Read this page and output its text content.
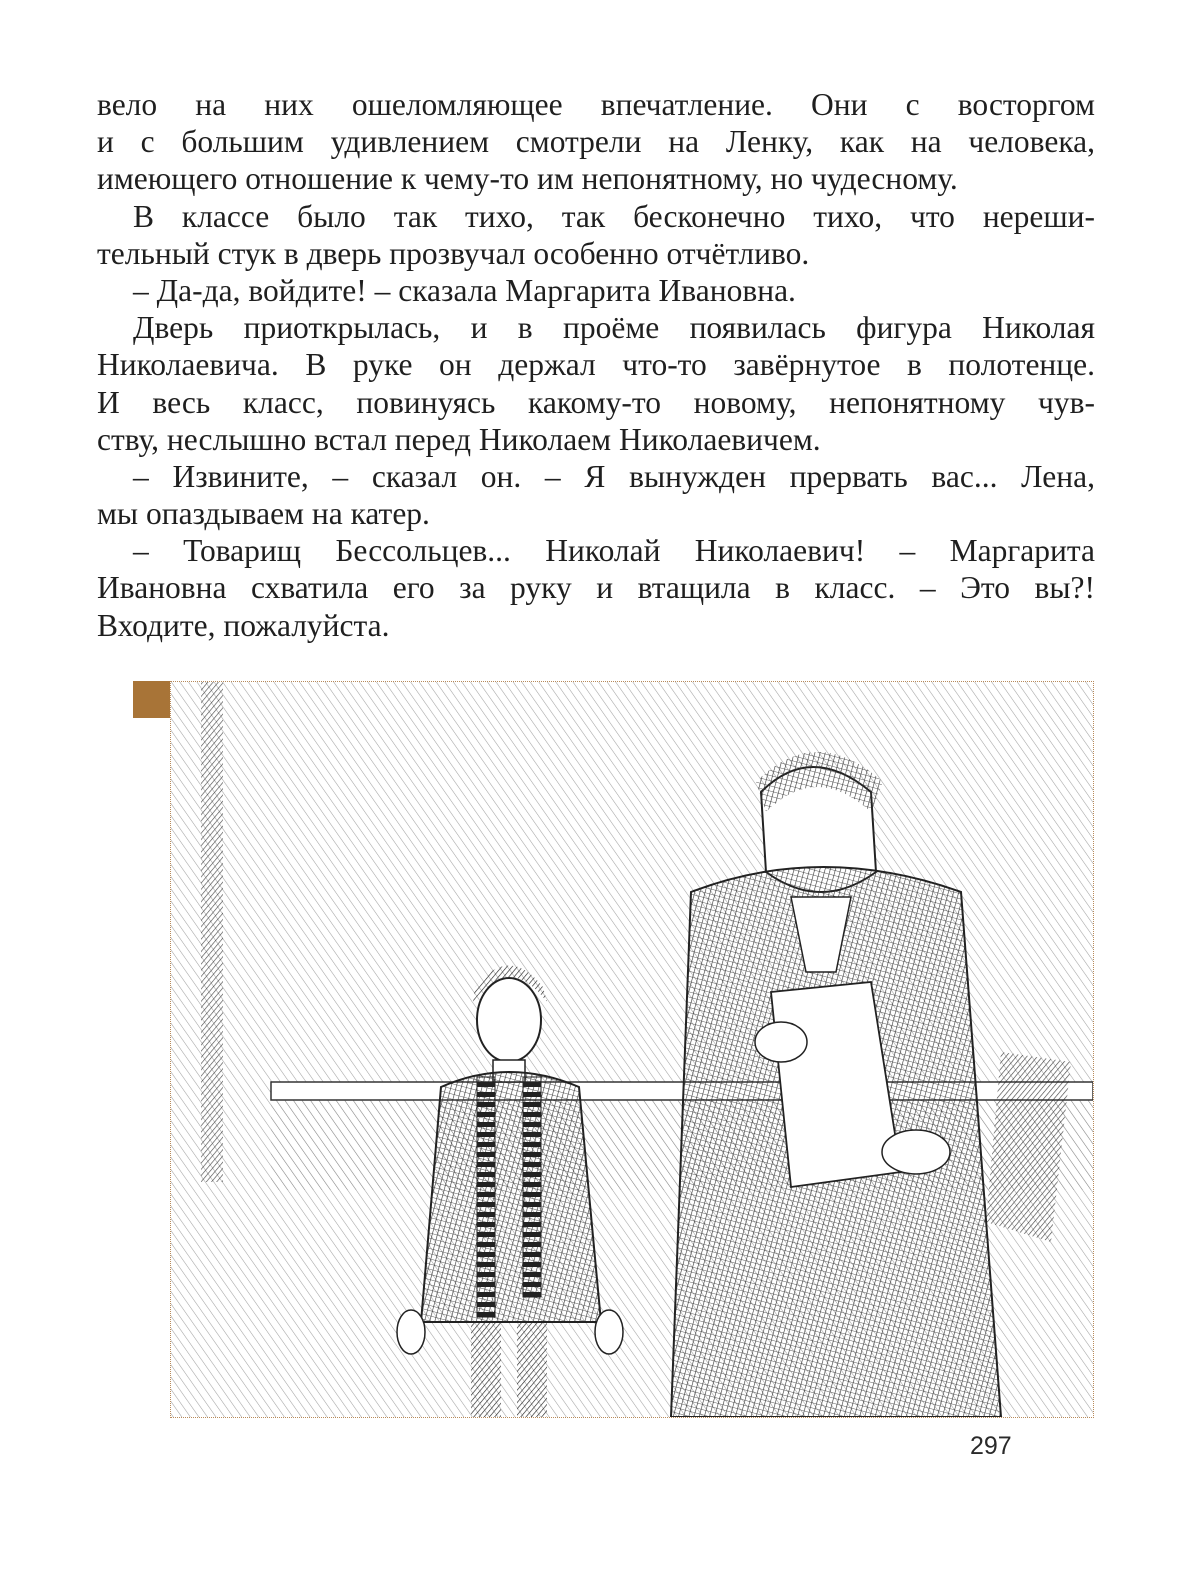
вело на них ошеломляющее впечатление. Они с восторгом
и с большим удивлением смотрели на Ленку, как на человека,
имеющего отношение к чему-то им непонятному, но чудесному.
В классе было так тихо, так бесконечно тихо, что нереши-
тельный стук в дверь прозвучал особенно отчётливо.
– Да-да, войдите! – сказала Маргарита Ивановна.
Дверь приоткрылась, и в проёме появилась фигура Николая
Николаевича. В руке он держал что-то завёрнутое в полотенце.
И весь класс, повинуясь какому-то новому, непонятному чув-
ству, неслышно встал перед Николаем Николаевичем.
– Извините, – сказал он. – Я вынужден прервать вас... Лена,
мы опаздываем на катер.
– Товарищ Бессольцев... Николай Николаевич! – Маргарита
Ивановна схватила его за руку и втащила в класс. – Это вы?!
Входите, пожалуйста.
297
